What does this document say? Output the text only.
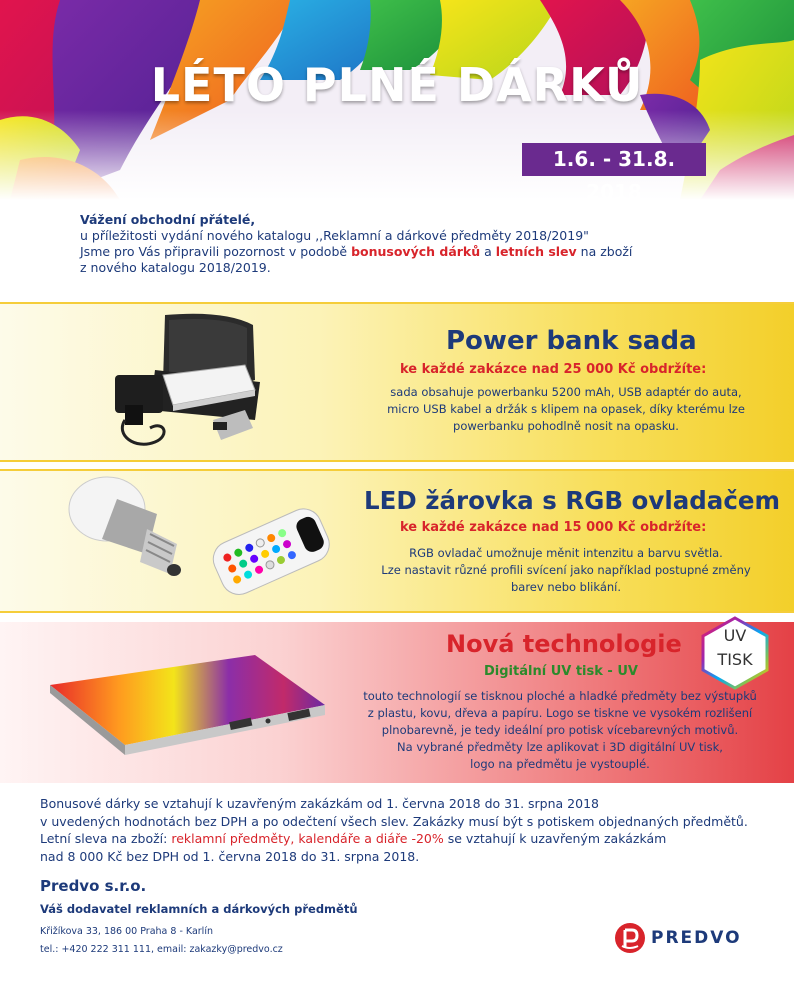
LÉTO PLNÉ DÁRKŮ
1.6. - 31.8. 2018
Vážení obchodní přátelé,
u příležitosti vydání nového katalogu ,,Reklamní a dárkové předměty 2018/2019"
Jsme pro Vás připravili pozornost v podobě bonusových dárků a letních slev na zboží
z nového katalogu 2018/2019.
Power bank sada
ke každé zakázce nad 25 000 Kč obdržíte:
sada obsahuje powerbanku 5200 mAh, USB adaptér do auta,
micro USB kabel a držák s klipem na opasek, díky kterému lze
powerbanku pohodlně nosit na opasku.
LED žárovka s RGB ovladačem
ke každé zakázce nad 15 000 Kč obdržíte:
RGB ovladač umožnuje měnit intenzitu a barvu světla.
Lze nastavit různé profili svícení jako například postupné změny
barev nebo blikání.
UV
TISK
Nová technologie
Digitální UV tisk - UV
touto technologií se tisknou ploché a hladké předměty bez výstupků
z plastu, kovu, dřeva a papíru. Logo se tiskne ve vysokém rozlišení
plnobarevně, je tedy ideální pro potisk vícebarevných motivů.
Na vybrané předměty lze aplikovat i 3D digitální UV tisk,
logo na předmětu je vystouplé.

Bonusové dárky se vztahují k uzavřeným zakázkám od 1. června 2018 do 31. srpna 2018

v uvedených hodnotách bez DPH a po odečtení všech slev. Zakázky musí být s potiskem objednaných předmětů.

Letní sleva na zboží: reklamní předměty, kalendáře a diáře -20% se vztahují k uzavřeným zakázkám

nad 8 000 Kč bez DPH od 1. června 2018 do 31. srpna 2018.

Predvo s.r.o.
Váš dodavatel reklamních a dárkových předmětů
Křižíkova 33, 186 00 Praha 8 - Karlín
tel.: +420 222 311 111, email: zakazky@predvo.cz
PREDVO
